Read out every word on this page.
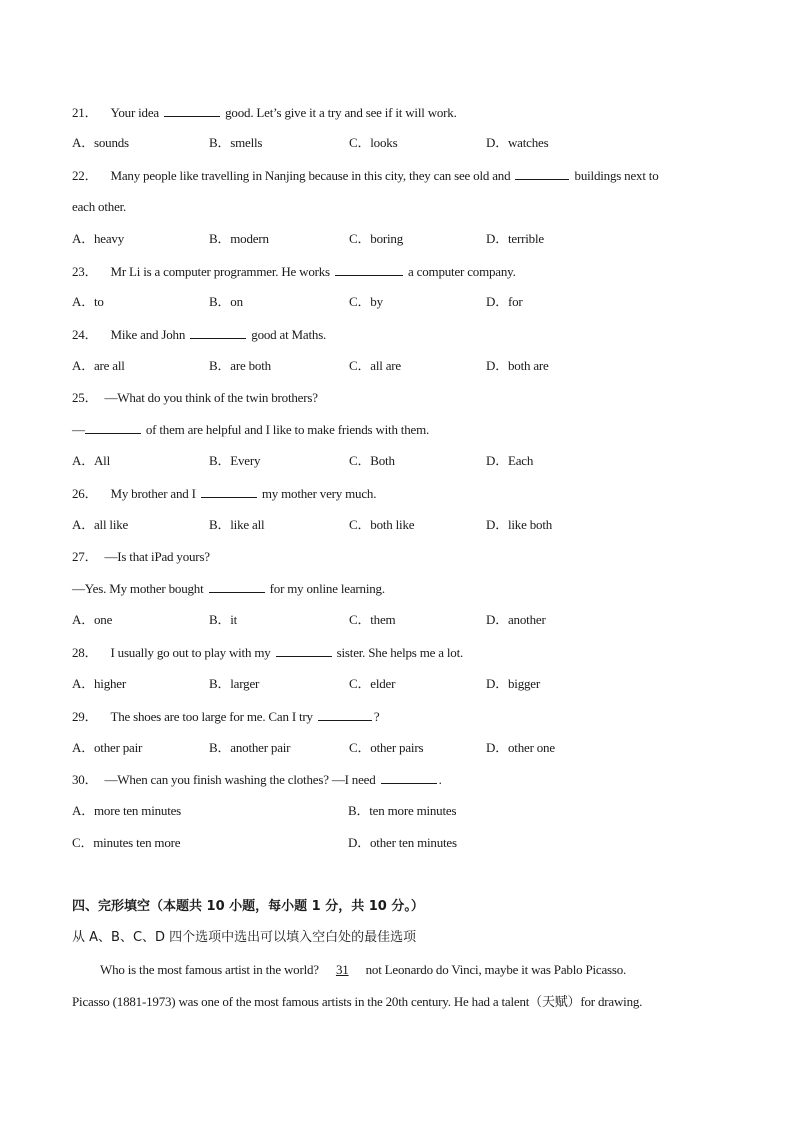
21． Your idea	good. Let’s give it a try and see if it will work.
A．sounds	B．smells	C．looks	D．watches
22． Many people like travelling in Nanjing because in this city, they can see old and	buildings next to
each other.
A．heavy	B．modern	C．boring	D．terrible
23． Mr Li is a computer programmer. He works	a computer company.
A．to	B．on	C．by	D．for
24． Mike and John	good at Maths.
A．are all	B．are both	C．all are	D．both are
25． —What do you think of the twin brothers?
—	of them are helpful and I like to make friends with them.
A．All	B．Every	C．Both	D．Each
26． My brother and I	my mother very much.
A．all like	B．like all	C．both like	D．like both
27． —Is that iPad yours?
—Yes. My mother bought	for my online learning.
A．one	B．it	C．them	D．another
28． I usually go out to play with my	sister. She helps me a lot.
A．higher	B．larger	C．elder	D．bigger
29． The shoes are too large for me. Can I try	?
A．other pair	B．another pair	C．other pairs	D．other one
30． —When can you finish washing the clothes? —I need	.
A．more ten minutes	B．ten more minutes
C．minutes ten more	D．other ten minutes
四、完形填空（本题共 10 小题，每小题 1 分，共 10 分。）
从 A、B、C、D 四个选项中选出可以填入空白处的最佳选项
Who is the most famous artist in the world? 31 not Leonardo do Vinci, maybe it was Pablo Picasso.
Picasso (1881-1973) was one of the most famous artists in the 20th century. He had a talent（天赋）for drawing.
